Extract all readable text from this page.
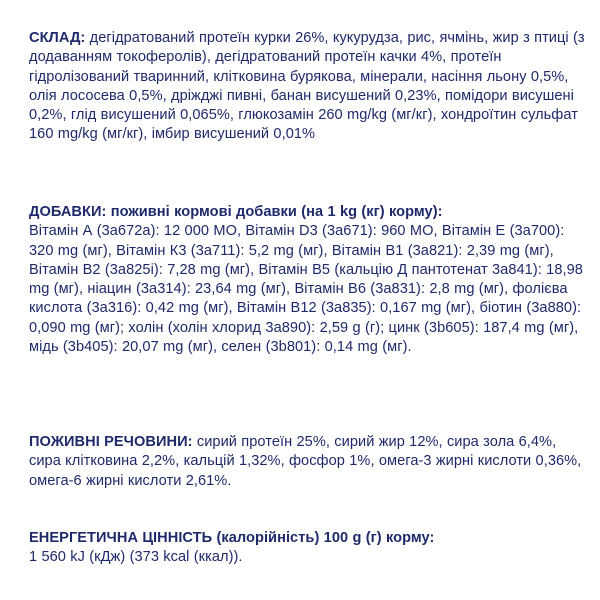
СКЛАД: дегідратований протеїн курки 26%, кукурудза, рис, ячмінь, жир з птиці (з додаванням токоферолів), дегідратований протеїн качки 4%, протеїн гідролізований тваринний, клітковина бурякова, мінерали, насіння льону 0,5%, олія лососева 0,5%, дріжджі пивні, банан висушений 0,23%, помідори висушені 0,2%, глід висушений 0,065%, глюкозамін 260 mg/kg (мг/кг), хондроїтин сульфат 160 mg/kg (мг/кг), імбир висушений 0,01%
ДОБАВКИ: поживні кормові добавки (на 1 kg (кг) корму):
Вітамін А (3а672а): 12 000 МО, Вітамін D3 (3а671): 960 МО, Вітамін Е (3а700): 320 mg (мг), Вітамін К3 (3а711): 5,2 mg (мг), Вітамін В1 (3а821): 2,39 mg (мг), Вітамін В2 (3а825і): 7,28 mg (мг), Вітамін В5 (кальцію Д пантотенат 3а841): 18,98 mg (мг), ніацин (3а314): 23,64 mg (мг), Вітамін В6 (3а831): 2,8 mg (мг), фолієва кислота (3а316): 0,42 mg (мг), Вітамін В12 (3а835): 0,167 mg (мг), біотин (3а880): 0,090 mg (мг); холін (холін хлорид 3а890): 2,59 g (г); цинк (3b605): 187,4 mg (мг), мідь (3b405): 20,07 mg (мг), селен (3b801): 0,14 mg (мг).
ПОЖИВНІ РЕЧОВИНИ: сирий протеїн 25%, сирий жир 12%, сира зола 6,4%, сира клітковина 2,2%, кальцій 1,32%, фосфор 1%, омега-3 жирні кислоти 0,36%, омега-6 жирні кислоти 2,61%.
ЕНЕРГЕТИЧНА ЦІННІСТЬ (калорійність) 100 g (г) корму:
1 560 kJ (кДж) (373 kcal (ккал)).
